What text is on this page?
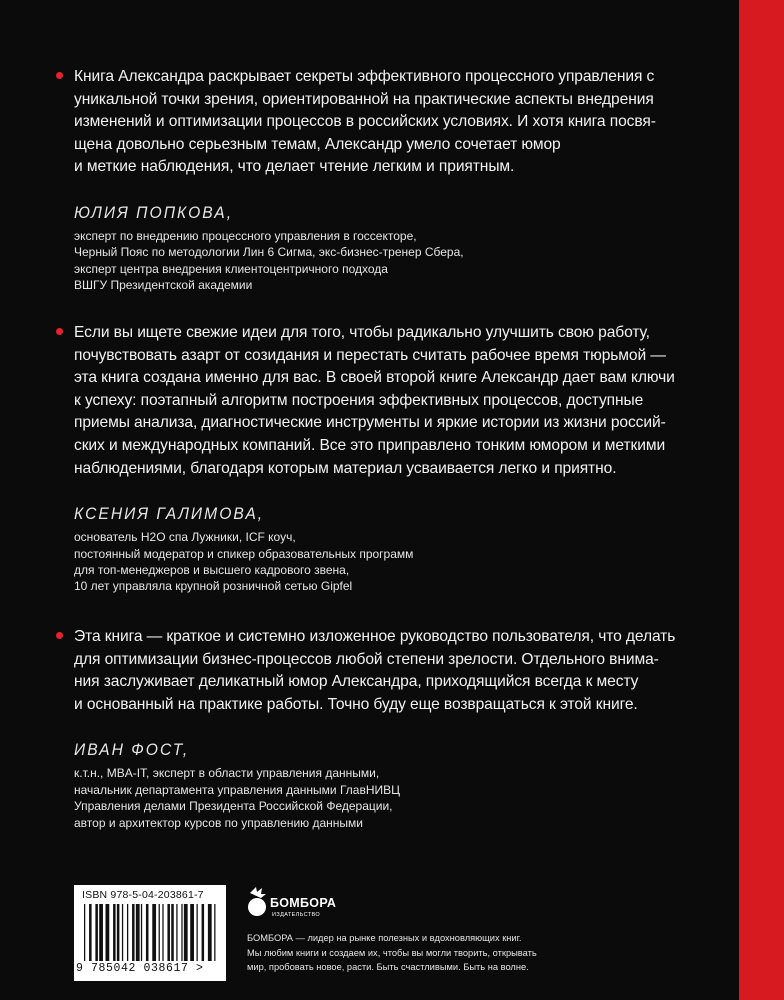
Книга Александра раскрывает секреты эффективного процессного управления с
уникальной точки зрения, ориентированной на практические аспекты внедрения
изменений и оптимизации процессов в российских условиях. И хотя книга посвя-
щена довольно серьезным темам, Александр умело сочетает юмор
и меткие наблюдения, что делает чтение легким и приятным.

ЮЛИЯ ПОПКОВА,
эксперт по внедрению процессного управления в госсекторе,
Черный Пояс по методологии Лин 6 Сигма, экс-бизнес-тренер Сбера,
эксперт центра внедрения клиентоцентричного подхода
ВШГУ Президентской академии

Если вы ищете свежие идеи для того, чтобы радикально улучшить свою работу,
почувствовать азарт от созидания и перестать считать рабочее время тюрьмой —
эта книга создана именно для вас. В своей второй книге Александр дает вам ключи
к успеху: поэтапный алгоритм построения эффективных процессов, доступные
приемы анализа, диагностические инструменты и яркие истории из жизни россий-
ских и международных компаний. Все это приправлено тонким юмором и меткими
наблюдениями, благодаря которым материал усваивается легко и приятно.

КСЕНИЯ ГАЛИМОВА,
основатель H2O спа Лужники, ICF коуч,
постоянный модератор и спикер образовательных программ
для топ-менеджеров и высшего кадрового звена,
10 лет управляла крупной розничной сетью Gipfel

Эта книга — краткое и системно изложенное руководство пользователя, что делать
для оптимизации бизнес-процессов любой степени зрелости. Отдельного внима-
ния заслуживает деликатный юмор Александра, приходящийся всегда к месту
и основанный на практике работы. Точно буду еще возвращаться к этой книге.

ИВАН ФОСТ,
к.т.н., MBA-IT, эксперт в области управления данными,
начальник департамента управления данными ГлавНИВЦ
Управления делами Президента Российской Федерации,
автор и архитектор курсов по управлению данными
ISBN 978-5-04-203861-7
9 785042 038617 >
БОМБОРА
ИЗДАТЕЛЬСТВО
БОМБОРА — лидер на рынке полезных и вдохновляющих книг.
Мы любим книги и создаем их, чтобы вы могли творить, открывать
мир, пробовать новое, расти. Быть счастливыми. Быть на волне.
